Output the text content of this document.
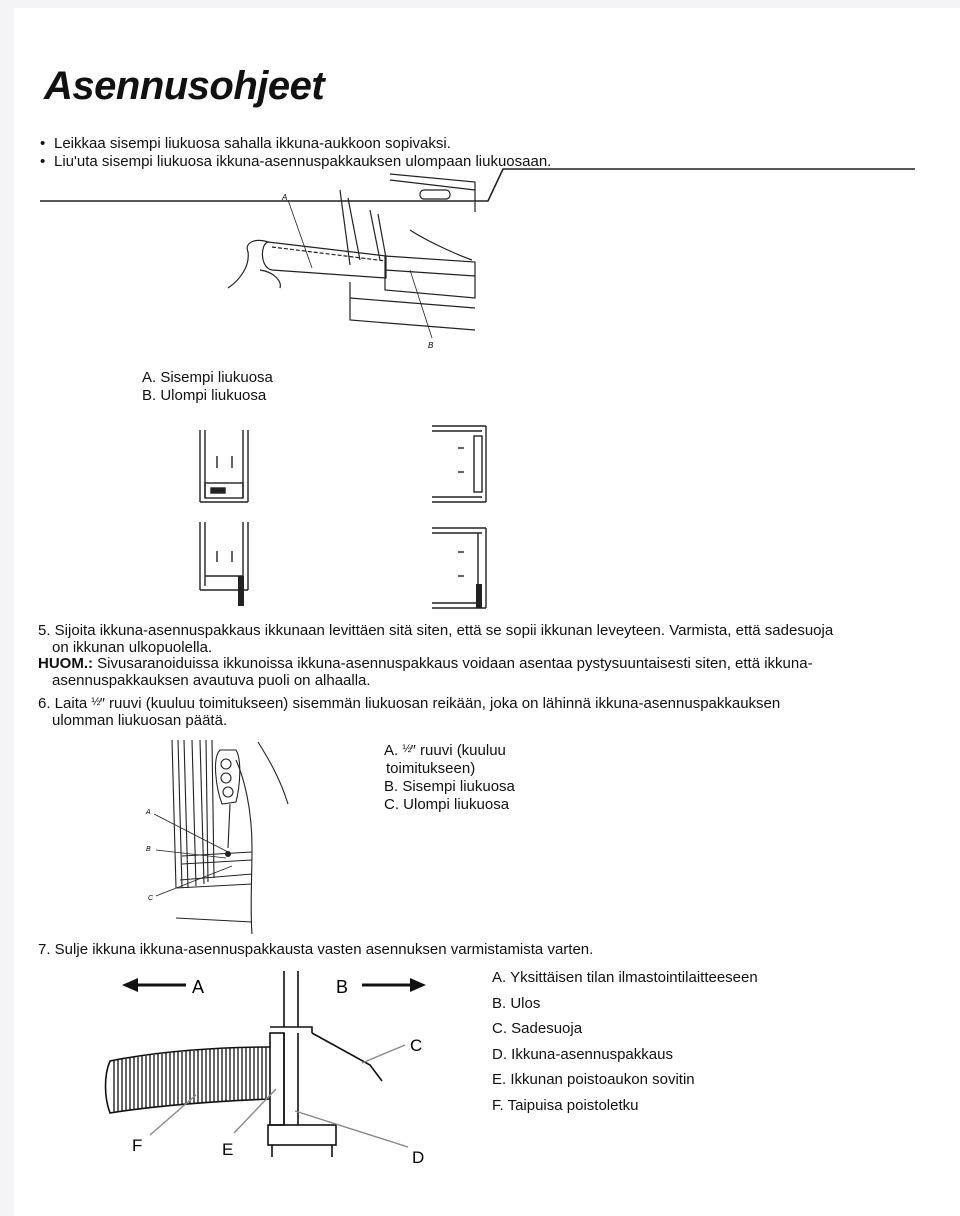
Asennusohjeet
• Leikkaa sisempi liukuosa sahalla ikkuna-aukkoon sopivaksi.
• Liu'uta sisempi liukuosa ikkuna-asennuspakkauksen ulompaan liukuosaan.
A
B
A. Sisempi liukuosa
B. Ulompi liukuosa
5. Sijoita ikkuna-asennuspakkaus ikkunaan levittäen sitä siten, että se sopii ikkunan leveyteen. Varmista, että sadesuoja
on ikkunan ulkopuolella.
HUOM.: Sivusaranoiduissa ikkunoissa ikkuna-asennuspakkaus voidaan asentaa pystysuuntaisesti siten, että ikkuna-
asennuspakkauksen avautuva puoli on alhaalla.
6. Laita $^{\frac{1}{2}}$″ ruuvi (kuuluu toimitukseen) sisemmän liukuosan reikään, joka on lähinnä ikkuna-asennuspakkauksen
ulomman liukuosan päätä.
A
B
C
A. $^{\frac{1}{2}}$″ ruuvi (kuuluu
toimitukseen)
B. Sisempi liukuosa
C. Ulompi liukuosa
7. Sulje ikkuna ikkuna-asennuspakkausta vasten asennuksen varmistamista varten.
A	B
C
D
E
F
A. Yksittäisen tilan ilmastointilaitteeseen
B. Ulos
C. Sadesuoja
D. Ikkuna-asennuspakkaus
E. Ikkunan poistoaukon sovitin
F. Taipuisa poistoletku
